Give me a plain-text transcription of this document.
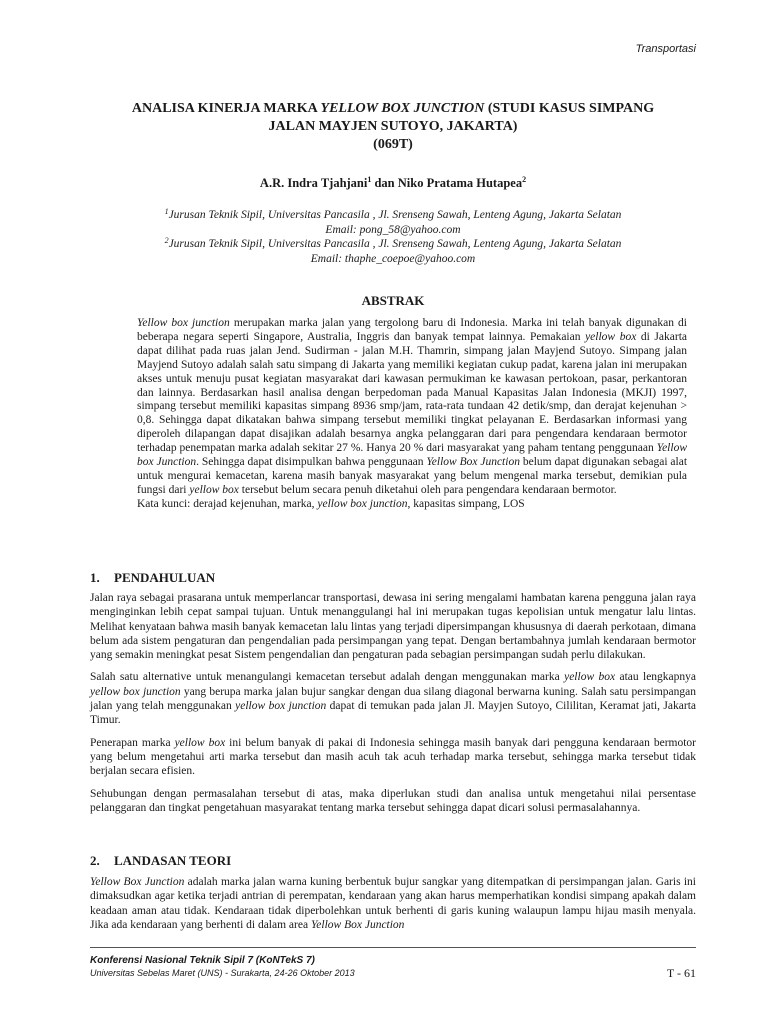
Transportasi
ANALISA KINERJA MARKA YELLOW BOX JUNCTION (STUDI KASUS SIMPANG
JALAN MAYJEN SUTOYO, JAKARTA)
(069T)
A.R. Indra Tjahjani$^1$ dan Niko Pratama Hutapea$^2$
$^1$Jurusan Teknik Sipil, Universitas Pancasila , Jl. Srenseng Sawah, Lenteng Agung, Jakarta Selatan
Email: pong_58@yahoo.com
$^2$Jurusan Teknik Sipil, Universitas Pancasila , Jl. Srenseng Sawah, Lenteng Agung, Jakarta Selatan
Email: thaphe_coepoe@yahoo.com
ABSTRAK

Yellow box junction merupakan marka jalan yang tergolong baru di Indonesia. Marka ini telah banyak digunakan di beberapa negara seperti Singapore, Australia, Inggris dan banyak tempat lainnya. Pemakaian yellow box di Jakarta dapat dilihat pada ruas jalan Jend. Sudirman - jalan M.H. Thamrin, simpang jalan Mayjend Sutoyo. Simpang jalan Mayjend Sutoyo adalah salah satu simpang di Jakarta yang memiliki kegiatan cukup padat, karena jalan ini merupakan akses untuk menuju pusat kegiatan masyarakat dari kawasan permukiman ke kawasan pertokoan, pasar, perkantoran dan lainnya. Berdasarkan hasil analisa dengan berpedoman pada Manual Kapasitas Jalan Indonesia (MKJI) 1997, simpang tersebut memiliki kapasitas simpang 8936 smp/jam, rata-rata tundaan 42 detik/smp, dan derajat kejenuhan > 0,8. Sehingga dapat dikatakan bahwa simpang tersebut memiliki tingkat pelayanan E. Berdasarkan informasi yang diperoleh dilapangan dapat disajikan adalah besarnya angka pelanggaran dari para pengendara kendaraan bermotor terhadap penempatan marka adalah sekitar 27 %. Hanya 20 % dari masyarakat yang paham tentang penggunaan Yellow box Junction. Sehingga dapat disimpulkan bahwa penggunaan Yellow Box Junction belum dapat digunakan sebagai alat untuk mengurai kemacetan, karena masih banyak masyarakat yang belum mengenal marka tersebut, demikian pula fungsi dari yellow box tersebut belum secara penuh diketahui oleh para pengendara kendaraan bermotor.

Kata kunci: derajad kejenuhan, marka, yellow box junction, kapasitas simpang, LOS

1. PENDAHULUAN

Jalan raya sebagai prasarana untuk memperlancar transportasi, dewasa ini sering mengalami hambatan karena pengguna jalan raya menginginkan lebih cepat sampai tujuan. Untuk menanggulangi hal ini merupakan tugas kepolisian untuk mengatur lalu lintas. Melihat kenyataan bahwa masih banyak kemacetan lalu lintas yang terjadi dipersimpangan khususnya di daerah perkotaan, dimana belum ada sistem pengaturan dan pengendalian pada persimpangan yang tepat. Dengan bertambahnya jumlah kendaraan bermotor yang semakin meningkat pesat Sistem pengendalian dan pengaturan pada sebagian persimpangan sudah perlu dilakukan.

Salah satu alternative untuk menangulangi kemacetan tersebut adalah dengan menggunakan marka yellow box atau lengkapnya yellow box junction yang berupa marka jalan bujur sangkar dengan dua silang diagonal berwarna kuning. Salah satu persimpangan jalan yang telah menggunakan yellow box junction dapat di temukan pada jalan Jl. Mayjen Sutoyo, Cililitan, Keramat jati, Jakarta Timur.

Penerapan marka yellow box ini belum banyak di pakai di Indonesia sehingga masih banyak dari pengguna kendaraan bermotor yang belum mengetahui arti marka tersebut dan masih acuh tak acuh terhadap marka tersebut, sehingga marka tersebut tidak berjalan secara efisien.

Sehubungan dengan permasalahan tersebut di atas, maka diperlukan studi dan analisa untuk mengetahui nilai persentase pelanggaran dan tingkat pengetahuan masyarakat tentang marka tersebut sehingga dapat dicari solusi permasalahannya.

2. LANDASAN TEORI

Yellow Box Junction adalah marka jalan warna kuning berbentuk bujur sangkar yang ditempatkan di persimpangan jalan. Garis ini dimaksudkan agar ketika terjadi antrian di perempatan, kendaraan yang akan harus memperhatikan kondisi simpang apakah dalam keadaan aman atau tidak. Kendaraan tidak diperbolehkan untuk berhenti di garis kuning walaupun lampu hijau masih menyala. Jika ada kendaraan yang berhenti di dalam area Yellow Box Junction

Konferensi Nasional Teknik Sipil 7 (KoNTekS 7)
Universitas Sebelas Maret (UNS) - Surakarta, 24-26 Oktober 2013	T - 61
